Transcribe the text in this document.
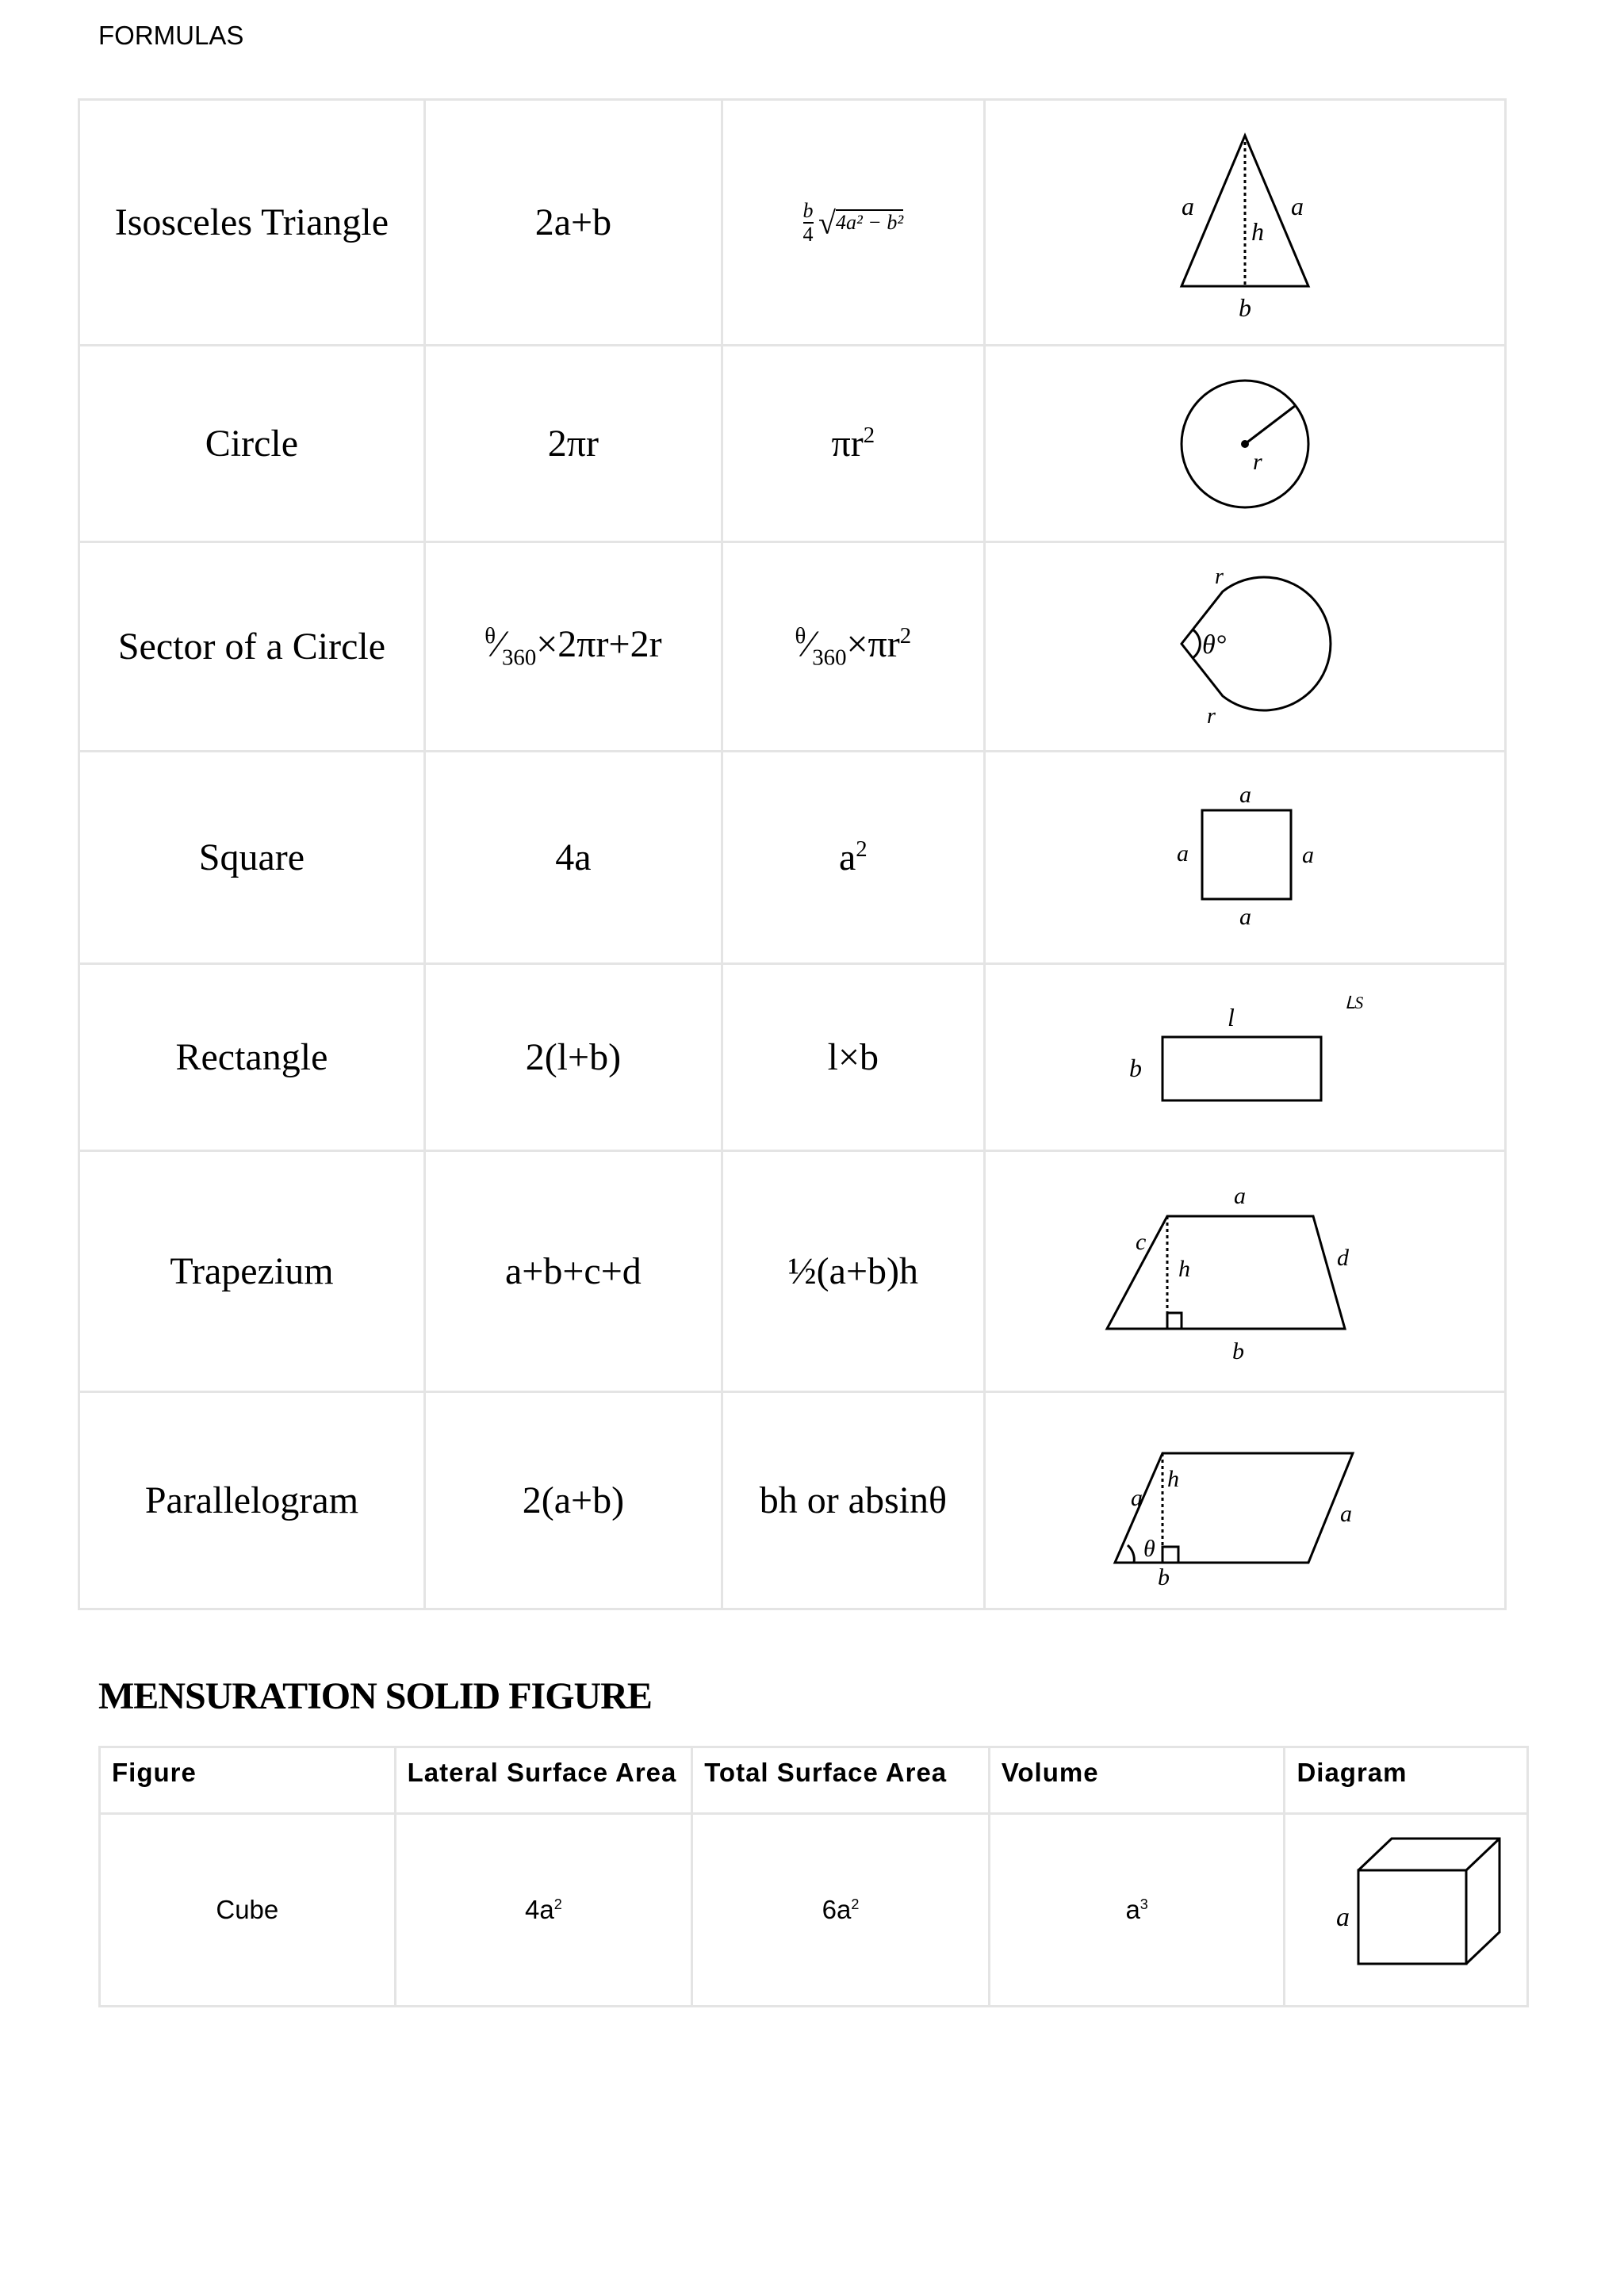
FORMULAS
Isosceles Triangle	2a+b	$\frac{b}{4} √4a^2 - b^2$	a a
h
b

Circle	2πr	$\pi r^2$	r

Sector of a Circle	$^\theta⁄_{360}\times 2\pi r+2r$	$^\theta⁄_{360}\times\pi r^2$	r
r
θ°

Square	4a	$a^2$	a
a a
a

Rectangle	2(l+b)	l×b	l
b
ᒪS

Trapezium	a+b+c+d	½(a+b)h	a
c
h d
b

Parallelogram	2(a+b)	bh or absinθ	a
h
θ
a
b
MENSURATION SOLID FIGURE
Figure	Lateral Surface Area	Total Surface Area	Volume	Diagram
Cube	$4a^2$	$6a^2$	$a^3$	a
